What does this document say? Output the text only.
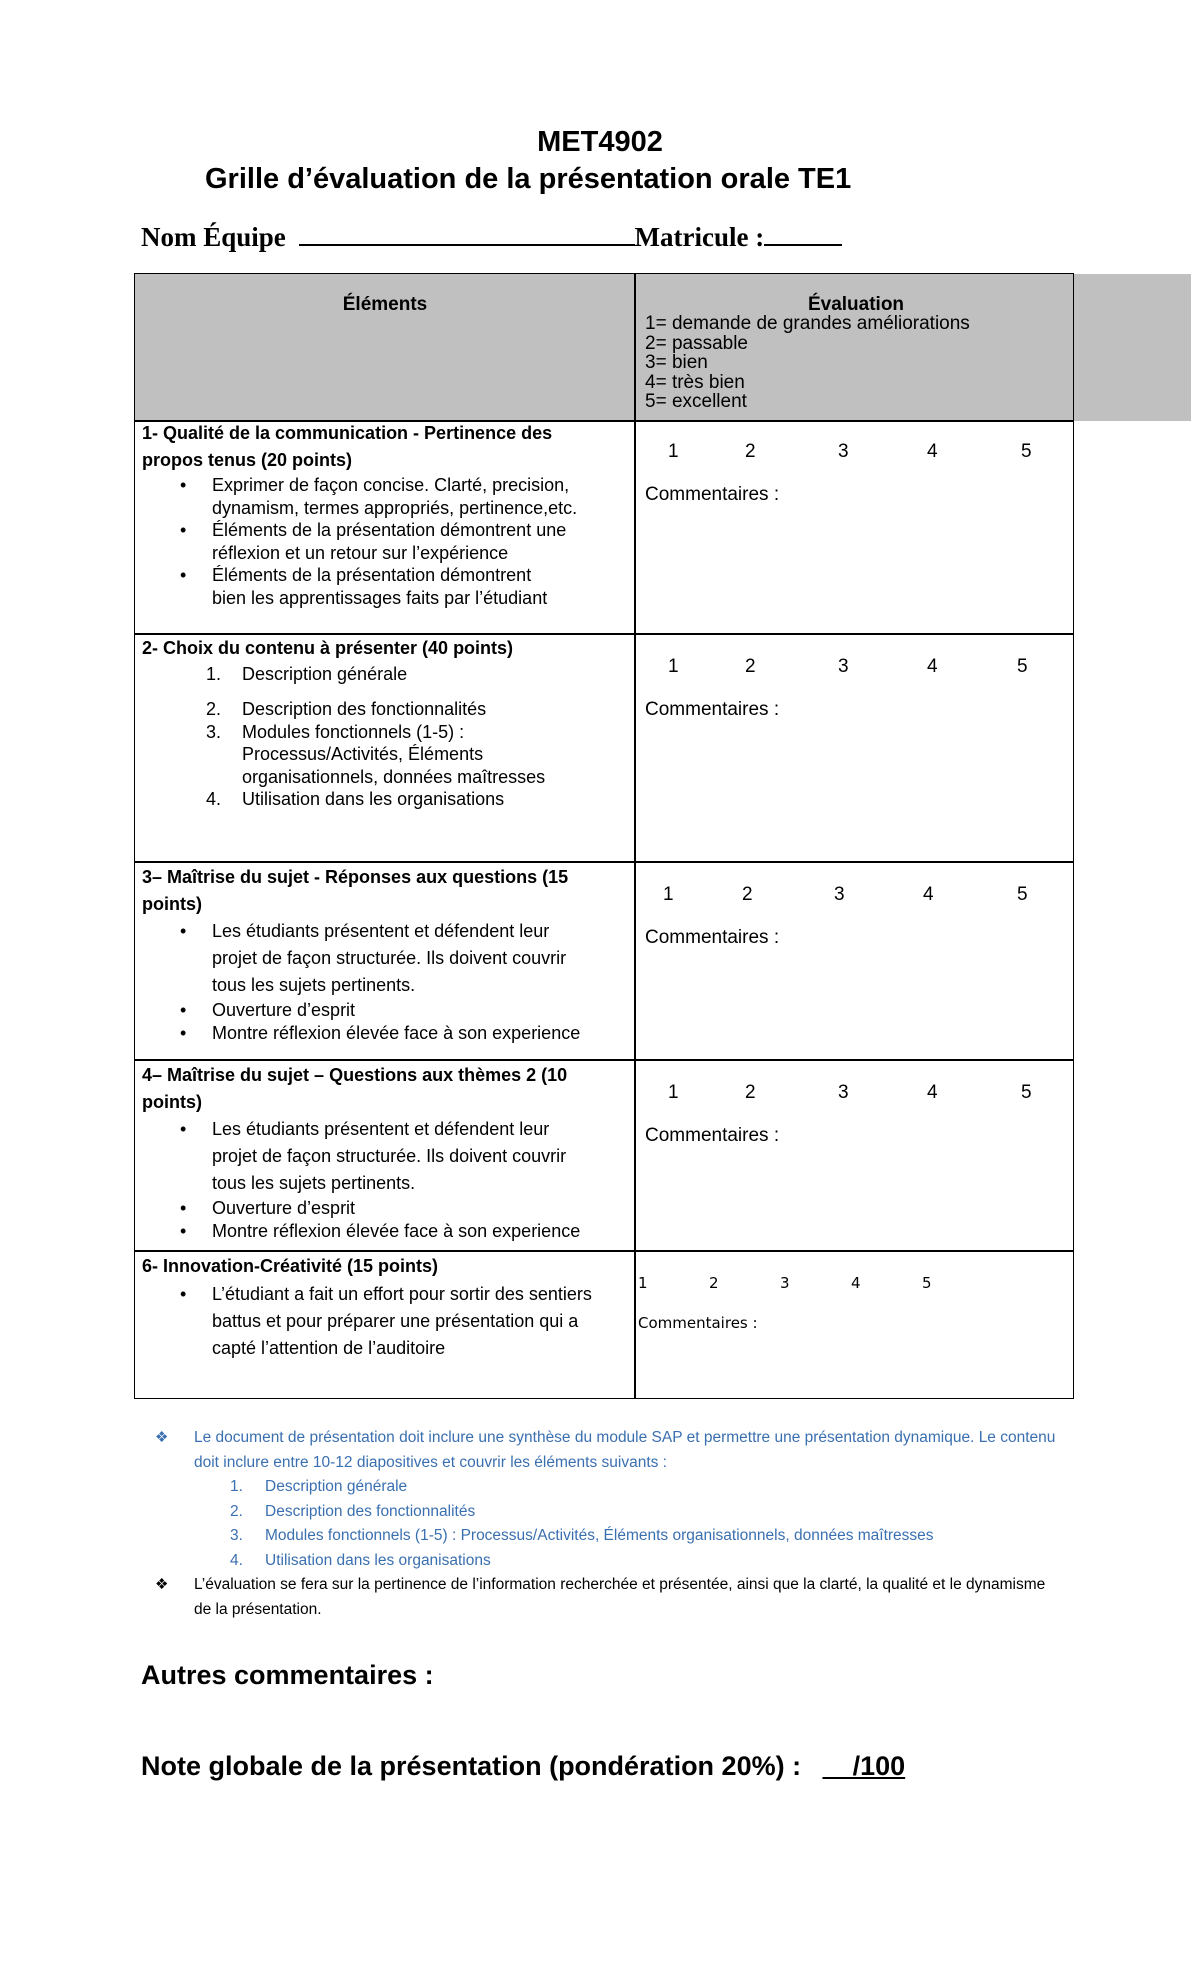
MET4902
Grille d’évaluation de la présentation orale TE1
Nom Équipe	Matricule :
Éléments	Évaluation
1= demande de grandes améliorations
2= passable
3= bien
4= très bien
5= excellent
1- Qualité de la communication - Pertinence des
propos tenus (20 points)
• Exprimer de façon concise. Clarté, precision,
dynamism, termes appropriés, pertinence,etc.
• Éléments de la présentation démontrent une
réflexion et un retour sur l’expérience
• Éléments de la présentation démontrent
bien les apprentissages faits par l’étudiant
1	2	3	4	5
Commentaires :
2- Choix du contenu à présenter (40 points)
1. Description générale
2. Description des fonctionnalités
3. Modules fonctionnels (1-5) :
Processus/Activités, Éléments
organisationnels, données maîtresses
4. Utilisation dans les organisations
1	2	3	4	5
Commentaires :
3– Maîtrise du sujet - Réponses aux questions (15
points)
• Les étudiants présentent et défendent leur
projet de façon structurée. Ils doivent couvrir
tous les sujets pertinents.
• Ouverture d’esprit
• Montre réflexion élevée face à son experience
1	2	3	4	5
Commentaires :
4– Maîtrise du sujet – Questions aux thèmes 2 (10
points)
• Les étudiants présentent et défendent leur
projet de façon structurée. Ils doivent couvrir
tous les sujets pertinents.
• Ouverture d’esprit
• Montre réflexion élevée face à son experience
1	2	3	4	5
Commentaires :
6- Innovation-Créativité (15 points)
• L’étudiant a fait un effort pour sortir des sentiers
battus et pour préparer une présentation qui a
capté l’attention de l’auditoire
1	2	3	4	5
Commentaires :
❖ Le document de présentation doit inclure une synthèse du module SAP et permettre une présentation dynamique. Le contenu
doit inclure entre 10-12 diapositives et couvrir les éléments suivants :
1. Description générale
2. Description des fonctionnalités
3. Modules fonctionnels (1-5) : Processus/Activités, Éléments organisationnels, données maîtresses
4. Utilisation dans les organisations
❖ L’évaluation se fera sur la pertinence de l’information recherchée et présentée, ainsi que la clarté, la qualité et le dynamisme
de la présentation.
Autres commentaires :
Note globale de la présentation (pondération 20%) : __/100
